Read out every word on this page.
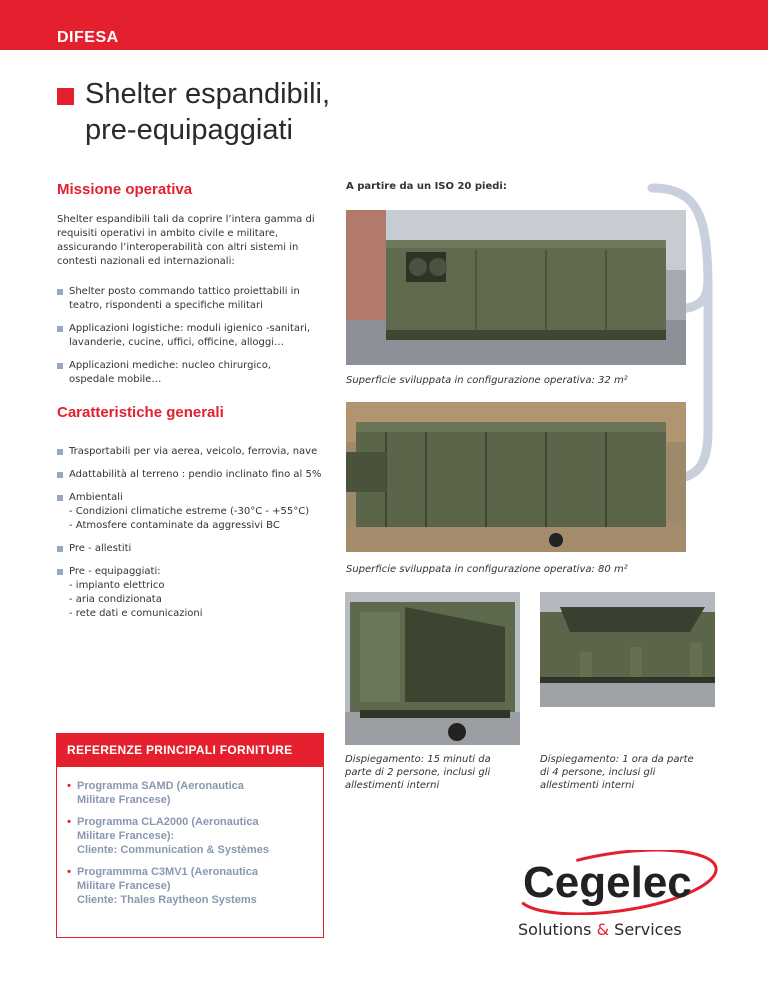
DIFESA
Shelter espandibili,
pre-equipaggiati
Missione operativa

Shelter espandibili tali da coprire l’intera gamma di
requisiti operativi in ambito civile e militare,
assicurando l’interoperabilità con altri sistemi in
contesti nazionali ed internazionali:

Shelter posto commando tattico proiettabili in
teatro, rispondenti a specifiche militari
Applicazioni logistiche: moduli igienico -sanitari,
lavanderie, cucine, uffici, officine, alloggi…
Applicazioni mediche: nucleo chirurgico,
ospedale mobile…
Caratteristiche generali
Trasportabili per via aerea, veicolo, ferrovia, nave
Adattabilità al terreno : pendio inclinato fino al 5%
Ambientali
- Condizioni climatiche estreme (-30°C - +55°C)
- Atmosfere contaminate da aggressivi BC
Pre - allestiti
Pre - equipaggiati:
- impianto elettrico
- aria condizionata
- rete dati e comunicazioni
A partire da un ISO 20 piedi:
Superficie sviluppata in configurazione operativa: 32 m²
Superficie sviluppata in configurazione operativa: 80 m²
Dispiegamento: 15 minuti da
parte di 2 persone, inclusi gli
allestimenti interni
Dispiegamento: 1 ora da parte
di 4 persone, inclusi gli
allestimenti interni
REFERENZE PRINCIPALI FORNITURE
• Programma SAMD (Aeronautica
Militare Francese)
• Programma CLA2000 (Aeronautica
Militare Francese):
Cliente: Communication & Systèmes
• Programmma C3MV1 (Aeronautica
Militare Francese)
Cliente: Thales Raytheon Systems	Cegelec
Solutions & Services
